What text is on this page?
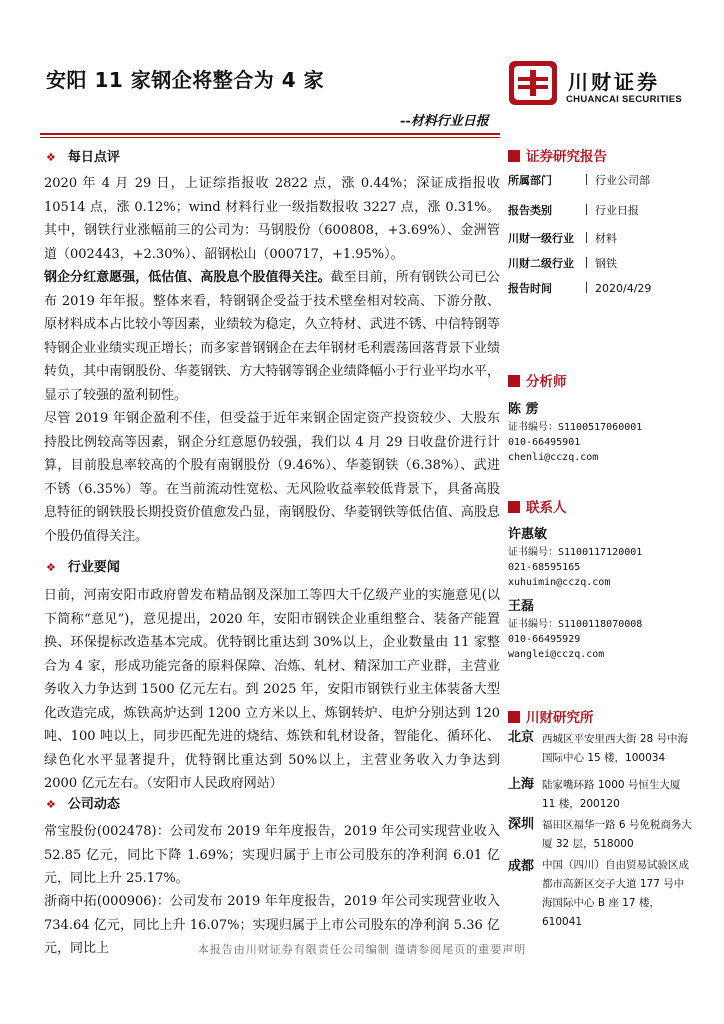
安阳 11 家钢企将整合为 4 家
--材料行业日报
川财证券
CHUANCAI SECURITIES
❖ 每日点评
2020 年 4 月 29 日，上证综指报收 2822 点，涨 0.44%；深证成指报收 10514 点，涨 0.12%；wind 材料行业一级指数报收 3227 点，涨 0.31%。其中，钢铁行业涨幅前三的公司为：马钢股份（600808，+3.69%）、金洲管道（002443，+2.30%）、韶钢松山（000717，+1.95%）。
钢企分红意愿强，低估值、高股息个股值得关注。截至目前，所有钢铁公司已公布 2019 年年报。整体来看，特钢钢企受益于技术壁垒相对较高、下游分散、原材料成本占比较小等因素，业绩较为稳定，久立特材、武进不锈、中信特钢等特钢企业业绩实现正增长；而多家普钢钢企在去年钢材毛利震荡回落背景下业绩转负，其中南钢股份、华菱钢铁、方大特钢等钢企业绩降幅小于行业平均水平，显示了较强的盈利韧性。
尽管 2019 年钢企盈利不佳，但受益于近年来钢企固定资产投资较少、大股东持股比例较高等因素，钢企分红意愿仍较强，我们以 4 月 29 日收盘价进行计算，目前股息率较高的个股有南钢股份（9.46%）、华菱钢铁（6.38%）、武进不锈（6.35%）等。在当前流动性宽松、无风险收益率较低背景下，具备高股息特征的钢铁股长期投资价值愈发凸显，南钢股份、华菱钢铁等低估值、高股息个股仍值得关注。
❖ 行业要闻
日前，河南安阳市政府曾发布精品钢及深加工等四大千亿级产业的实施意见(以下简称“意见”)，意见提出，2020 年，安阳市钢铁企业重组整合、装备产能置换、环保提标改造基本完成。优特钢比重达到 30%以上，企业数量由 11 家整合为 4 家，形成功能完备的原料保障、冶炼、轧材、精深加工产业群，主营业务收入力争达到 1500 亿元左右。到 2025 年，安阳市钢铁行业主体装备大型化改造完成，炼铁高炉达到 1200 立方米以上、炼钢转炉、电炉分别达到 120 吨、100 吨以上，同步匹配先进的烧结、炼铁和轧材设备，智能化、循环化、绿色化水平显著提升，优特钢比重达到 50%以上，主营业务收入力争达到 2000 亿元左右。（安阳市人民政府网站）
❖ 公司动态
常宝股份(002478)：公司发布 2019 年年度报告，2019 年公司实现营业收入 52.85 亿元，同比下降 1.69%；实现归属于上市公司股东的净利润 6.01 亿元，同比上升 25.17%。
浙商中拓(000906)：公司发布 2019 年年度报告，2019 年公司实现营业收入 734.64 亿元，同比上升 16.07%；实现归属于上市公司股东的净利润 5.36 亿元，同比上
证券研究报告
所属部门	行业公司部
报告类别	行业日报
川财一级行业 材料
川财二级行业 钢铁
报告时间	2020/4/29
分析师
陈 雳
证书编号：S1100517060001
010-66495901
chenli@cczq.com
联系人
许惠敏
证书编号：S1100117120001
021-68595165
xuhuimin@cczq.com
王磊
证书编号：S1100118070008
010-66495929
wanglei@cczq.com
川财研究所
北京 西城区平安里西大街 28 号中海国际中心 15 楼，100034
上海 陆家嘴环路 1000 号恒生大厦 11 楼，200120
深圳 福田区福华一路 6 号免税商务大厦 32 层，518000
成都 中国（四川）自由贸易试验区成都市高新区交子大道 177 号中海国际中心 B 座 17 楼，610041
本报告由川财证券有限责任公司编制 谨请参阅尾页的重要声明
